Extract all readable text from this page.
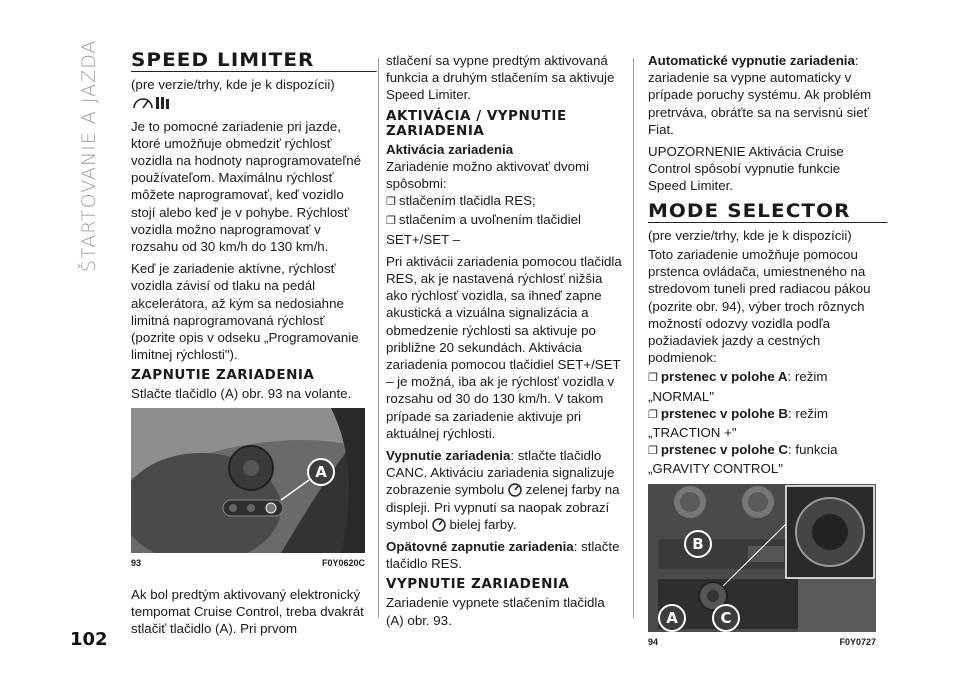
ŠTARTOVANIE A JAZDA
102
SPEED LIMITER

(pre verzie/trhy, kde je k dispozícii)

Je to pomocné zariadenie pri jazde, ktoré umožňuje obmedziť rýchlosť vozidla na hodnoty naprogramovateľné používateľom. Maximálnu rýchlosť môžete naprogramovať, keď vozidlo stojí alebo keď je v pohybe. Rýchlosť vozidla možno naprogramovať v rozsahu od 30 km/h do 130 km/h.

Keď je zariadenie aktívne, rýchlosť vozidla závisí od tlaku na pedál akcelerátora, až kým sa nedosiahne limitná naprogramovaná rýchlosť (pozrite opis v odseku „Programovanie limitnej rýchlosti").

ZAPNUTIE ZARIADENIA

Stlačte tlačidlo (A) obr. 93 na volante.

A
93	F0Y0620C

Ak bol predtým aktivovaný elektronický tempomat Cruise Control, treba dvakrát stlačiť tlačidlo (A). Pri prvom

stlačení sa vypne predtým aktivovaná funkcia a druhým stlačením sa aktivuje Speed Limiter.

AKTIVÁCIA / VYPNUTIE ZARIADENIA
Aktivácia zariadenia

Zariadenie možno aktivovať dvomi spôsobmi:

❐ stlačením tlačidla RES;
❐ stlačením a uvoľnením tlačidiel SET+/SET –

Pri aktivácii zariadenia pomocou tlačidla RES, ak je nastavená rýchlosť nižšia ako rýchlosť vozidla, sa ihneď zapne akustická a vizuálna signalizácia a obmedzenie rýchlosti sa aktivuje po približne 20 sekundách. Aktivácia zariadenia pomocou tlačidiel SET+/SET – je možná, iba ak je rýchlosť vozidla v rozsahu od 30 do 130 km/h. V takom prípade sa zariadenie aktivuje pri aktuálnej rýchlosti.

Vypnutie zariadenia: stlačte tlačidlo CANC. Aktiváciu zariadenia signalizuje zobrazenie symbolu zelenej farby na displeji. Pri vypnutí sa naopak zobrazí symbol bielej farby.

Opätovné zapnutie zariadenia: stlačte tlačidlo RES.

VYPNUTIE ZARIADENIA

Zariadenie vypnete stlačením tlačidla (A) obr. 93.

Automatické vypnutie zariadenia: zariadenie sa vypne automaticky v prípade poruchy systému. Ak problém pretrváva, obráťte sa na servisnú sieť Fiat.

UPOZORNENIE Aktivácia Cruise Control spôsobí vypnutie funkcie Speed Limiter.

MODE SELECTOR

(pre verzie/trhy, kde je k dispozícii)

Toto zariadenie umožňuje pomocou prstenca ovládača, umiestneného na stredovom tuneli pred radiacou pákou (pozrite obr. 94), výber troch rôznych možností odozvy vozidla podľa požiadaviek jazdy a cestných podmienok:

❐ prstenec v polohe A: režim „NORMAL"
❐ prstenec v polohe B: režim „TRACTION +"
❐ prstenec v polohe C: funkcia „GRAVITY CONTROL"
B
A	C
94	F0Y0727
